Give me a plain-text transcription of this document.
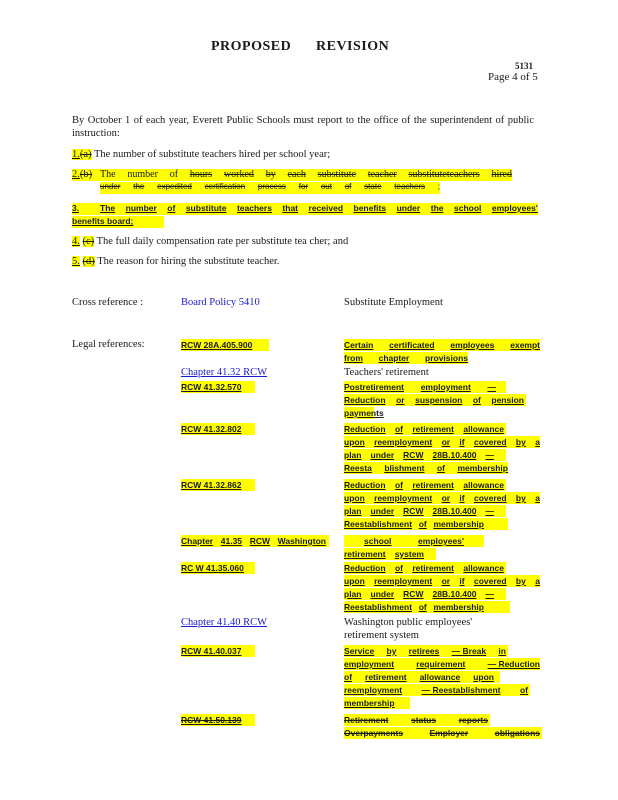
PROPOSED REVISION
5131
Page 4 of 5
By October 1 of each year, Everett Public Schools must report to the office of the superintendent of public instruction:
1.(a) The number of substitute teachers hired per school year;
2.(b) The number of hours worked by each substitute teacher substituteteachers hired
under the expedited certification process for out of state teachers ;
3. The number of substitute teachers that received benefits under the school employees'
benefits board;
4. (c) The full daily compensation rate per substitute tea cher; and
5. (d) The reason for hiring the substitute teacher.
Cross reference :	Board Policy 5410	Substitute Employment
Legal references:	RCW 28A.405.900	Certain certificated employees exempt
from chapter provisions
Chapter 41.32 RCW	Teachers' retirement
RCW 41.32.570	Postretirement employment —
Reduction or suspension of pension
payments
RCW 41.32.802	Reduction of retirement allowance
upon reemployment or if covered by a
plan under RCW 28B.10.400 —
Reesta blishment of membership
RCW 41.32.862	Reduction of retirement allowance
upon reemployment or if covered by a
plan under RCW 28B.10.400 —
Reestablishment of membership
Chapter 41.35 RCW Washington	school	employees'
retirement system
RC W 41.35.060	Reduction of retirement allowance
upon reemployment or if covered by a
plan under RCW 28B.10.400 —
Reestablishment of membership
Chapter 41.40 RCW	Washington public employees'
retirement system
RCW 41.40.037	Service by retirees — Break in
employment	requirement	— Reduction
of retirement allowance upon
reemployment — Reestablishment of
membership
RCW 41.50.139	Retirement	status	reports
Overpayments	Employer	obligations
